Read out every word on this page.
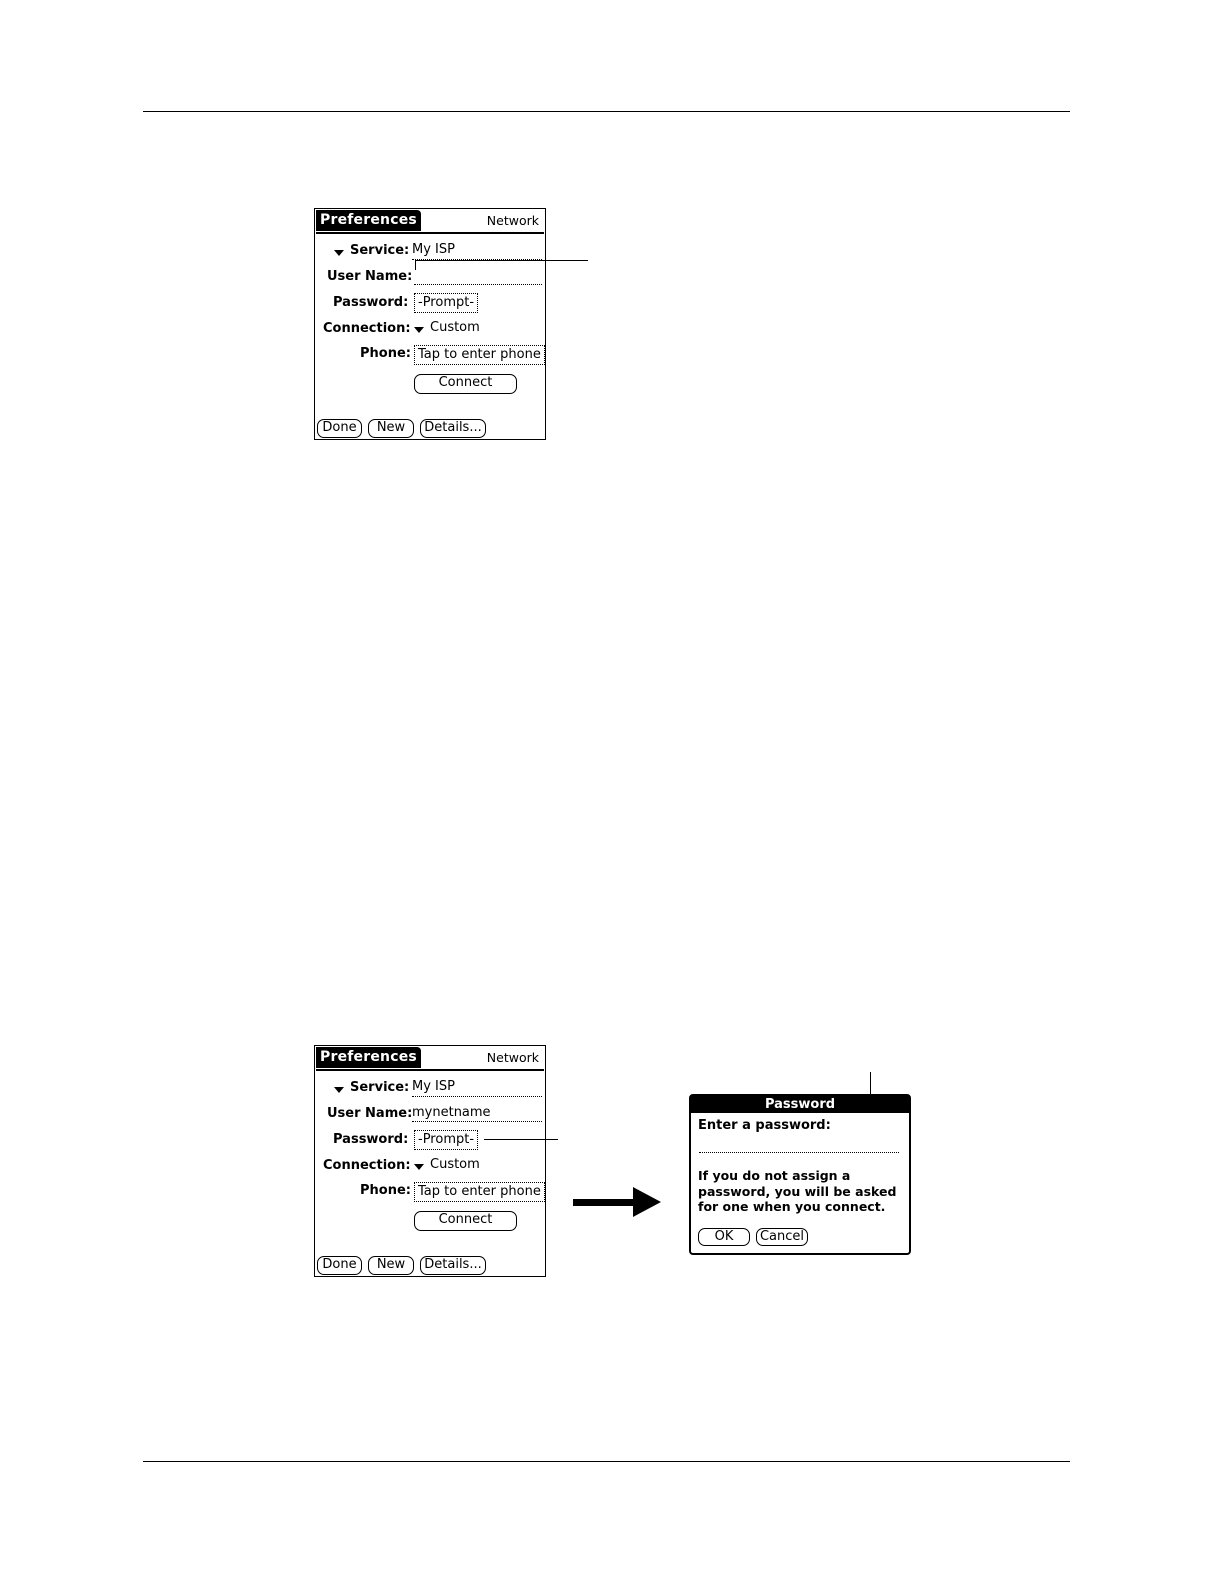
Preferences	Network
Service: My ISP
User Name:
Password: -Prompt-
Connection: Custom
Phone: Tap to enter phone
Connect
Done	New	Details...
Preferences	Network
Service: My ISP
User Name: mynetname
Password: -Prompt-
Connection: Custom
Phone: Tap to enter phone
Connect
Done	New	Details...
Password
Enter a password:
If you do not assign a password, you will be asked for one when you connect.
OK	Cancel
